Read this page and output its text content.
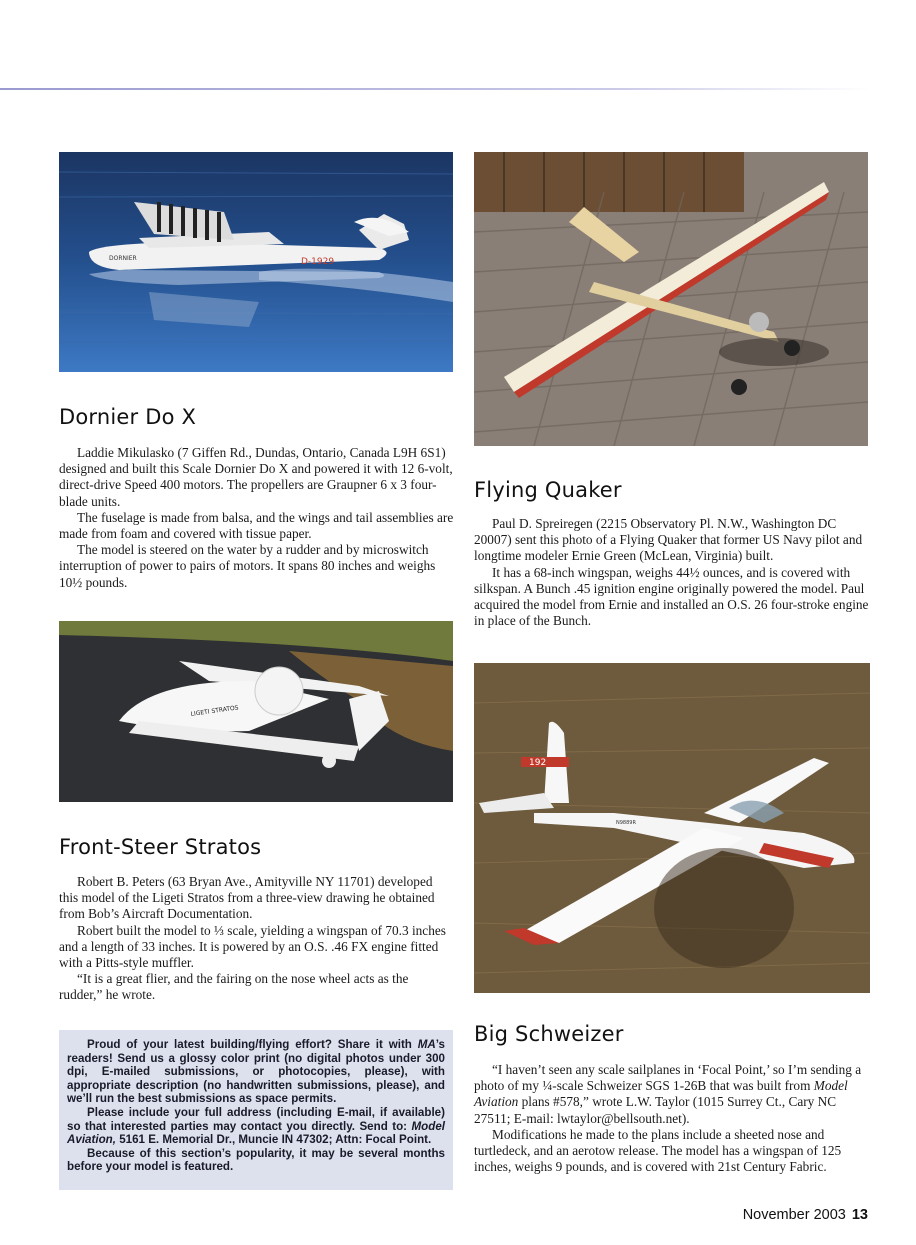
DORNIER	D-1929
Dornier Do X

Laddie Mikulasko (7 Giffen Rd., Dundas, Ontario, Canada L9H 6S1) designed and built this Scale Dornier Do X and powered it with 12 6-volt, direct-drive Speed 400 motors. The propellers are Graupner 6 x 3 four-blade units.

The fuselage is made from balsa, and the wings and tail assemblies are made from foam and covered with tissue paper.

The model is steered on the water by a rudder and by microswitch interruption of power to pairs of motors. It spans 80 inches and weighs 10½ pounds.

Flying Quaker

Paul D. Spreiregen (2215 Observatory Pl. N.W., Washington DC 20007) sent this photo of a Flying Quaker that former US Navy pilot and longtime modeler Ernie Green (McLean, Virginia) built.

It has a 68-inch wingspan, weighs 44½ ounces, and is covered with silkspan. A Bunch .45 ignition engine originally powered the model. Paul acquired the model from Ernie and installed an O.S. 26 four-stroke engine in place of the Bunch.

LIGETI STRATOS
Front-Steer Stratos

Robert B. Peters (63 Bryan Ave., Amityville NY 11701) developed this model of the Ligeti Stratos from a three-view drawing he obtained from Bob’s Aircraft Documentation.

Robert built the model to ⅓ scale, yielding a wingspan of 70.3 inches and a length of 33 inches. It is powered by an O.S. .46 FX engine fitted with a Pitts-style muffler.

“It is a great flier, and the fairing on the nose wheel acts as the rudder,” he wrote.

192
N9889R
Big Schweizer

“I haven’t seen any scale sailplanes in ‘Focal Point,’ so I’m sending a photo of my ¼-scale Schweizer SGS 1-26B that was built from Model Aviation plans #578,” wrote L.W. Taylor (1015 Surrey Ct., Cary NC 27511; E-mail: lwtaylor@bellsouth.net).

Modifications he made to the plans include a sheeted nose and turtledeck, and an aerotow release. The model has a wingspan of 125 inches, weighs 9 pounds, and is covered with 21st Century Fabric.

Proud of your latest building/flying effort? Share it with MA’s readers! Send us a glossy color print (no digital photos under 300 dpi, E-mailed submissions, or photocopies, please), with appropriate description (no handwritten submissions, please), and we’ll run the best submissions as space permits.

Please include your full address (including E-mail, if available) so that interested parties may contact you directly. Send to: Model Aviation, 5161 E. Memorial Dr., Muncie IN 47302; Attn: Focal Point.

Because of this section’s popularity, it may be several months before your model is featured.

November 2003 13
